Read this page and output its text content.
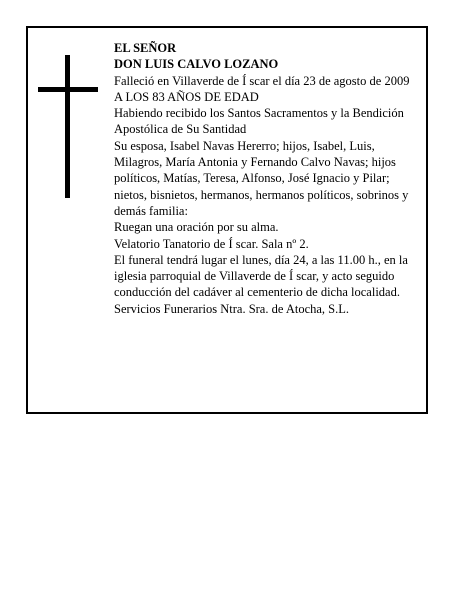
EL SEÑOR

DON LUIS CALVO LOZANO

Falleció en Villaverde de Í scar el día 23 de agosto de 2009

A LOS 83 AÑOS DE EDAD

Habiendo recibido los Santos Sacramentos y la Bendición Apostólica de Su Santidad

Su esposa, Isabel Navas Hererro; hijos, Isabel, Luis, Milagros, María Antonia y Fernando Calvo Navas; hijos políticos, Matías, Teresa, Alfonso, José Ignacio y Pilar; nietos, bisnietos, hermanos, hermanos políticos, sobrinos y demás familia:

Ruegan una oración por su alma.

Velatorio Tanatorio de Í scar. Sala nº 2.

El funeral tendrá lugar el lunes, día 24, a las 11.00 h., en la iglesia parroquial de Villaverde de Í scar, y acto seguido conducción del cadáver al cementerio de dicha localidad.

Servicios Funerarios Ntra. Sra. de Atocha, S.L.
